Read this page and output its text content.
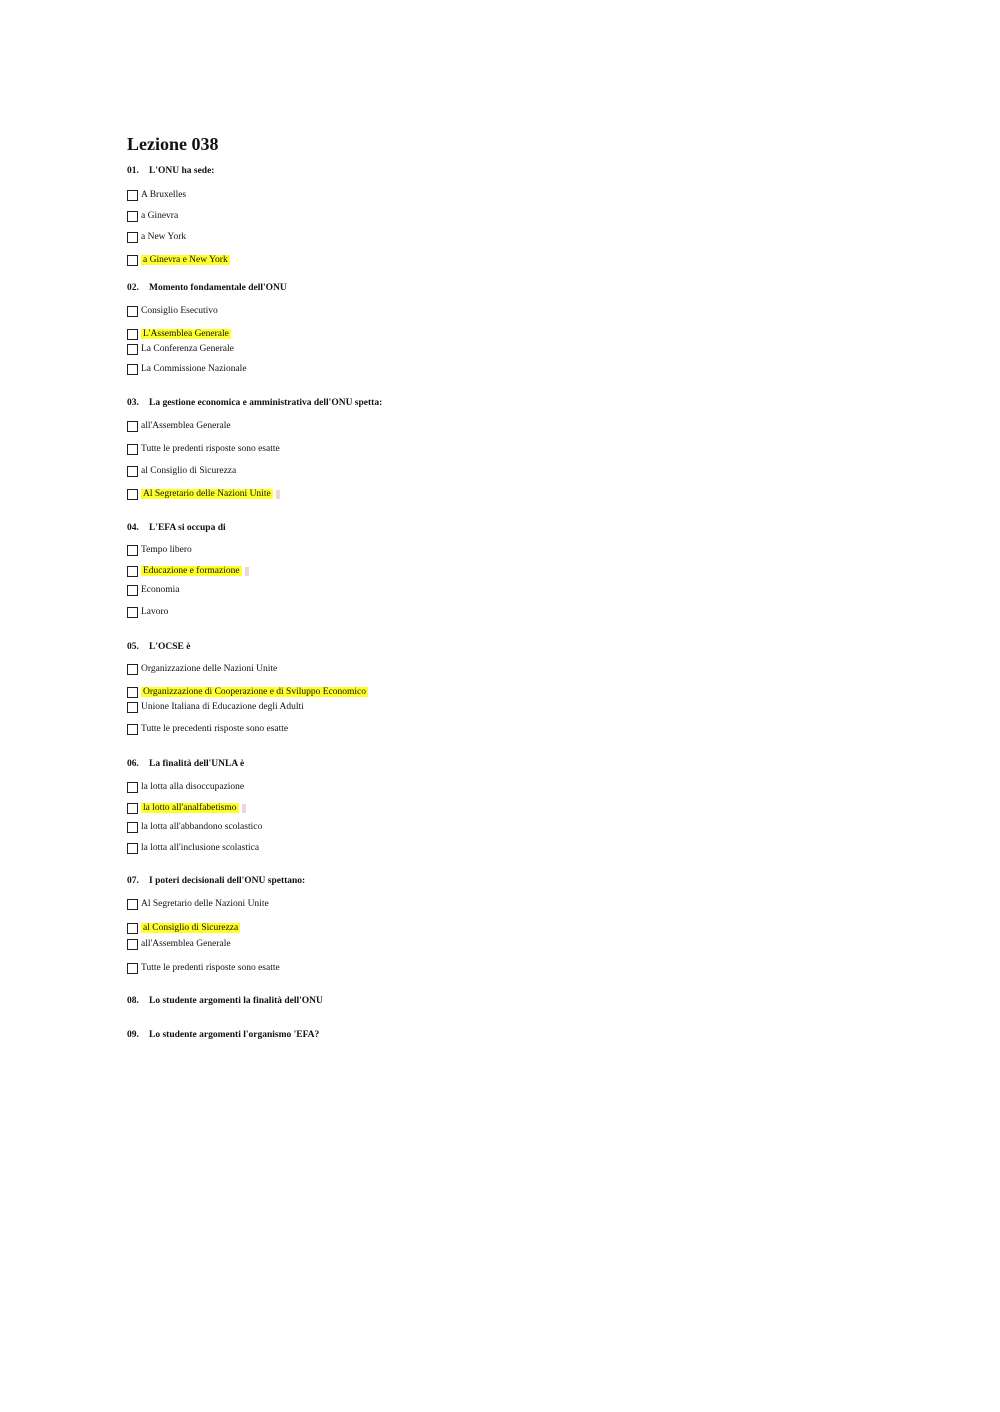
Lezione 038
01. L'ONU ha sede:
A Bruxelles
a Ginevra
a New York
a Ginevra e New York
02. Momento fondamentale dell'ONU
Consiglio Esecutivo
L'Assemblea Generale
La Conferenza Generale
La Commissione Nazionale
03. La gestione economica e amministrativa dell'ONU spetta:
all'Assemblea Generale
Tutte le predenti risposte sono esatte
al Consiglio di Sicurezza
Al Segretario delle Nazioni Unite
04. L'EFA si occupa di
Tempo libero
Educazione e formazione
Economia
Lavoro
05. L'OCSE è
Organizzazione delle Nazioni Unite
Organizzazione di Cooperazione e di Sviluppo Economico
Unione Italiana di Educazione degli Adulti
Tutte le precedenti risposte sono esatte
06. La finalità dell'UNLA è
la lotta alla disoccupazione
la lotto all'analfabetismo
la lotta all'abbandono scolastico
la lotta all'inclusione scolastica
07. I poteri decisionali dell'ONU spettano:
Al Segretario delle Nazioni Unite
al Consiglio di Sicurezza
all'Assemblea Generale
Tutte le predenti risposte sono esatte
08. Lo studente argomenti la finalità dell'ONU
09. Lo studente argomenti l'organismo 'EFA?
